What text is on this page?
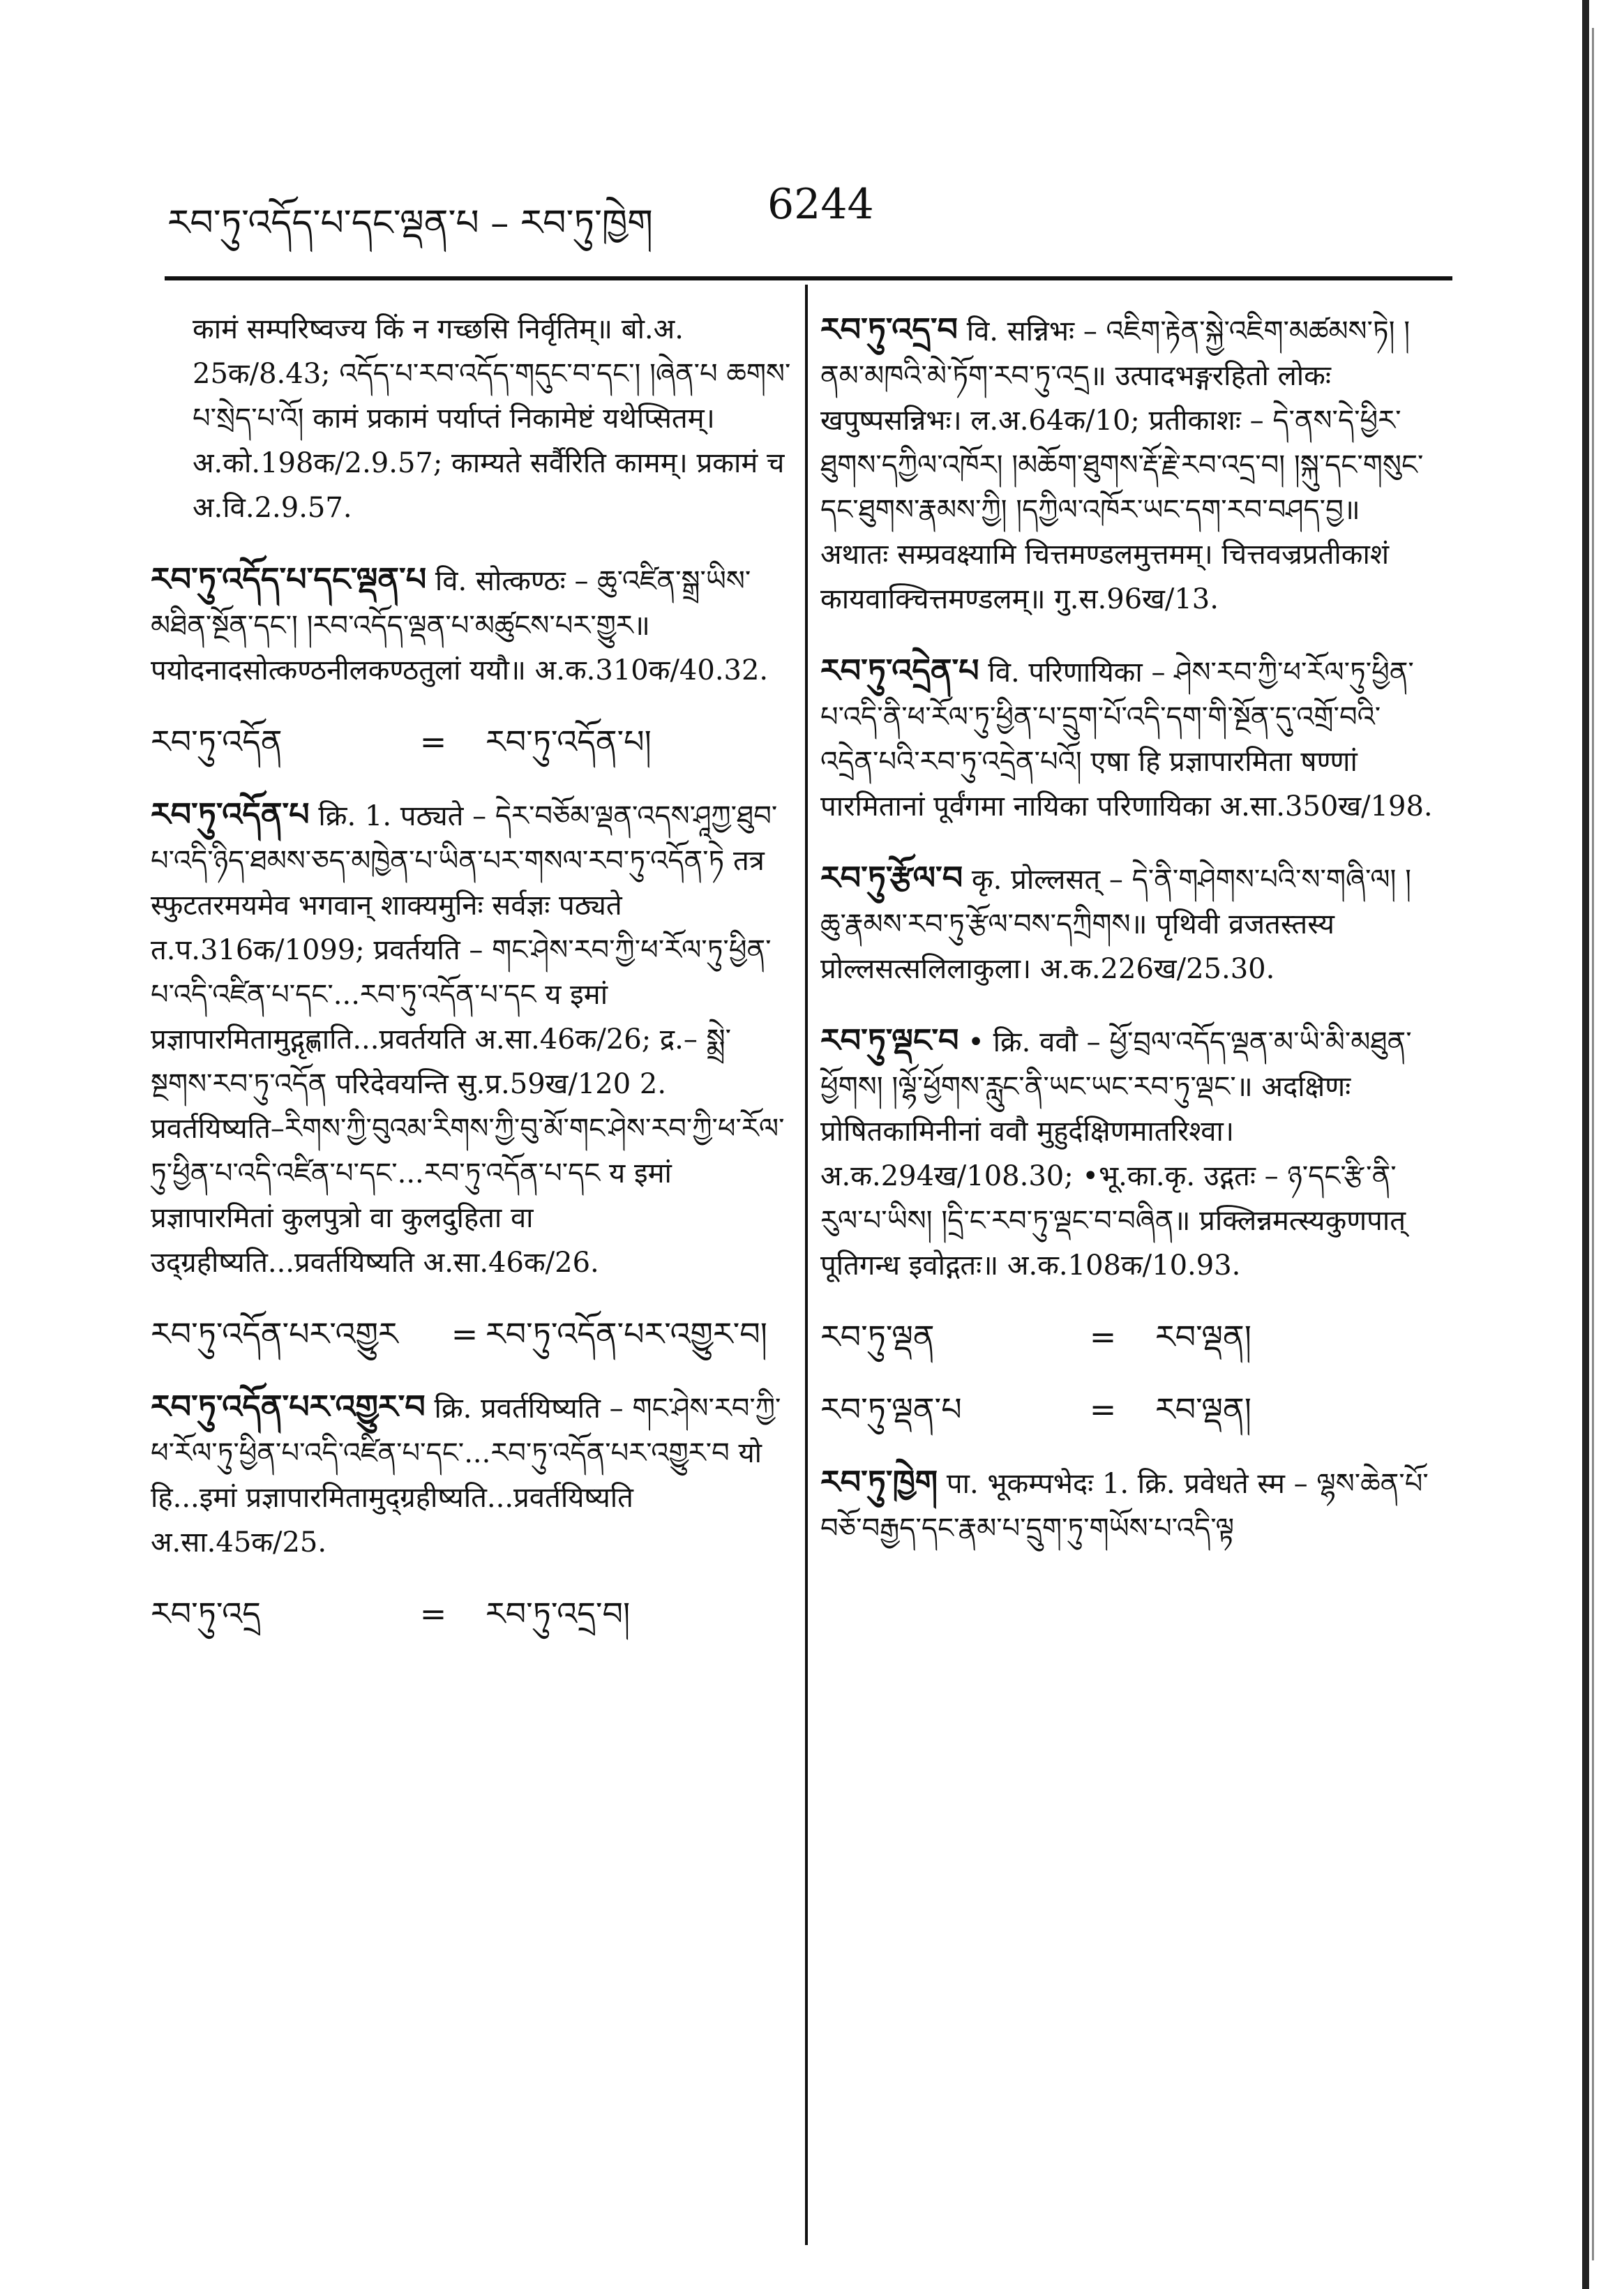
རབ་ཏུ་འདོད་པ་དང་ལྡན་པ – རབ་ཏུ་ཁྱེག	6244
कामं सम्परिष्वज्य किं न गच्छसि निर्वृतिम्॥ बो.अ. 25क/8.43; འདོད་པ་རབ་འདོད་གདུང་བ་དང་། །ཞེན་པ ཆགས་པ་སྲེད་པ་འོ། कामं प्रकामं पर्याप्तं निकामेष्टं यथेप्सितम्। अ.को.198क/2.9.57; काम्यते सर्वैरिति कामम्। प्रकामं च अ.वि.2.9.57.
རབ་ཏུ་འདོད་པ་དང་ལྡན་པ वि. सोत्कण्ठः – ཆུ་འཛིན་སྒྲ་ཡིས་མཐིན་སྔོན་དང་། །རབ་འདོད་ལྡན་པ་མཚུངས་པར་གྱུར॥ पयोदनादसोत्कण्ठनीलकण्ठतुलां ययौ॥ अ.क.310क/40.32.
རབ་ཏུ་འདོན	=	རབ་ཏུ་འདོན་པ།
རབ་ཏུ་འདོན་པ क्रि. 1. पठ्यते – དེར་བཅོམ་ལྡན་འདས་ཤཱཀྱ་ཐུབ་པ་འདི་ཉིད་ཐམས་ཅད་མཁྱེན་པ་ཡིན་པར་གསལ་རབ་ཏུ་འདོན་ཏེ तत्र स्फुटतरमयमेव भगवान् शाक्यमुनिः सर्वज्ञः पठ्यते त.प.316क/1099; प्रवर्तयति – གང་ཤེས་རབ་ཀྱི་ཕ་རོལ་ཏུ་ཕྱིན་པ་འདི་འཛིན་པ་དང་...རབ་ཏུ་འདོན་པ་དང य इमां प्रज्ञापारमितामुद्गृह्णाति...प्रवर्तयति अ.सा.46क/26; द्र.– སྨྲེ་སྔགས་རབ་ཏུ་འདོན परिदेवयन्ति सु.प्र.59ख/120 2. प्रवर्तयिष्यति–རིགས་ཀྱི་བུའམ་རིགས་ཀྱི་བུ་མོ་གང་ཤེས་རབ་ཀྱི་ཕ་རོལ་ཏུ་ཕྱིན་པ་འདི་འཛིན་པ་དང་...རབ་ཏུ་འདོན་པ་དང य इमां प्रज्ञापारमितां कुलपुत्रो वा कुलदुहिता वा उद्ग्रहीष्यति...प्रवर्तयिष्यति अ.सा.46क/26.
རབ་ཏུ་འདོན་པར་འགྱུར	= རབ་ཏུ་འདོན་པར་འགྱུར་བ།
རབ་ཏུ་འདོན་པར་འགྱུར་བ क्रि. प्रवर्तयिष्यति – གང་ཤེས་རབ་ཀྱི་ཕ་རོལ་ཏུ་ཕྱིན་པ་འདི་འཛིན་པ་དང་...རབ་ཏུ་འདོན་པར་འགྱུར་བ यो हि...इमां प्रज्ञापारमितामुद्ग्रहीष्यति...प्रवर्तयिष्यति अ.सा.45क/25.
རབ་ཏུ་འདྲ	=	རབ་ཏུ་འདྲ་བ།
རབ་ཏུ་འདྲ་བ वि. सन्निभः – འཇིག་རྟེན་སྐྱེ་འཇིག་མཚམས་ཏེ། །ནམ་མཁའི་མེ་ཏོག་རབ་ཏུ་འདྲ॥ उत्पादभङ्गरहितो लोकः खपुष्पसन्निभः। ल.अ.64क/10; प्रतीकाशः – དེ་ནས་དེ་ཕྱིར་ཐུགས་དཀྱིལ་འཁོར། །མཆོག་ཐུགས་རྡོ་རྗེ་རབ་འདྲ་བ། །སྐུ་དང་གསུང་དང་ཐུགས་རྣམས་ཀྱི། །དཀྱིལ་འཁོར་ཡང་དག་རབ་བཤད་བྱ॥ अथातः सम्प्रवक्ष्यामि चित्तमण्डलमुत्तमम्। चित्तवज्रप्रतीकाशं कायवाक्चित्तमण्डलम्॥ गु.स.96ख/13.
རབ་ཏུ་འདྲེན་པ वि. परिणायिका – ཤེས་རབ་ཀྱི་ཕ་རོལ་ཏུ་ཕྱིན་པ་འདི་ནི་ཕ་རོལ་ཏུ་ཕྱིན་པ་དྲུག་པོ་འདི་དག་གི་སྔོན་དུ་འགྲོ་བའི་འདྲེན་པའི་རབ་ཏུ་འདྲེན་པའོ། एषा हि प्रज्ञापारमिता षण्णां पारमितानां पूर्वंगमा नायिका परिणायिका अ.सा.350ख/198.
རབ་ཏུ་རྩོལ་བ कृ. प्रोल्लसत् – དེ་ནི་གཤེགས་པའི་ས་གཞི་ལ། །ཆུ་རྣམས་རབ་ཏུ་རྩོལ་བས་དཀྲིགས॥ पृथिवी व्रजतस्तस्य प्रोल्लसत्सलिलाकुला। अ.क.226ख/25.30.
རབ་ཏུ་ལྡང་བ • क्रि. ववौ – ཕྱོ་བྲལ་འདོད་ལྡན་མ་ཡི་མི་མཐུན་ཕྱོགས། །ལྷོ་ཕྱོགས་རླུང་ནི་ཡང་ཡང་རབ་ཏུ་ལྡང་॥ अदक्षिणः प्रोषितकामिनीनां ववौ मुहुर्दक्षिणमातरिश्वा। अ.क.294ख/108.30; •भू.का.कृ. उद्गतः – ཉ་དང་རྩི་ནི་རུལ་པ་ཡིས། །དྲི་ང་རབ་ཏུ་ལྡང་བ་བཞིན॥ प्रक्लिन्नमत्स्यकुणपात् पूतिगन्ध इवोद्गतः॥ अ.क.108क/10.93.
རབ་ཏུ་ལྡན	=	རབ་ལྡན།
རབ་ཏུ་ལྡན་པ	=	རབ་ལྡན།
རབ་ཏུ་ཁྱེག पा. भूकम्पभेदः 1. क्रि. प्रवेधते स्म – ལྷས་ཆེན་པོ་བཅོ་བརྒྱད་དང་རྣམ་པ་དྲུག་ཏུ་གཡོས་པ་འདི་ལྟ
